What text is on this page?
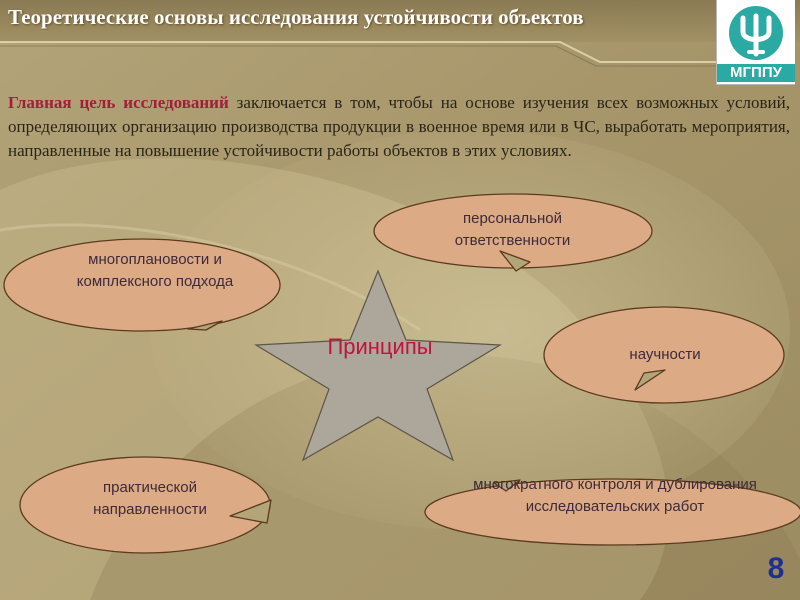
Теоретические основы исследования устойчивости объектов
МГППУ
Главная цель исследований заключается в том, чтобы на основе изучения всех возможных условий, определяющих организацию производства продукции в военное время или в ЧС, выработать мероприятия, направленные на повышение устойчивости работы объектов в этих условиях.
многоплановости и комплексного подхода
персональной ответственности
научности
практической направленности
многократного контроля и дублирования исследовательских работ
Принципы
8
